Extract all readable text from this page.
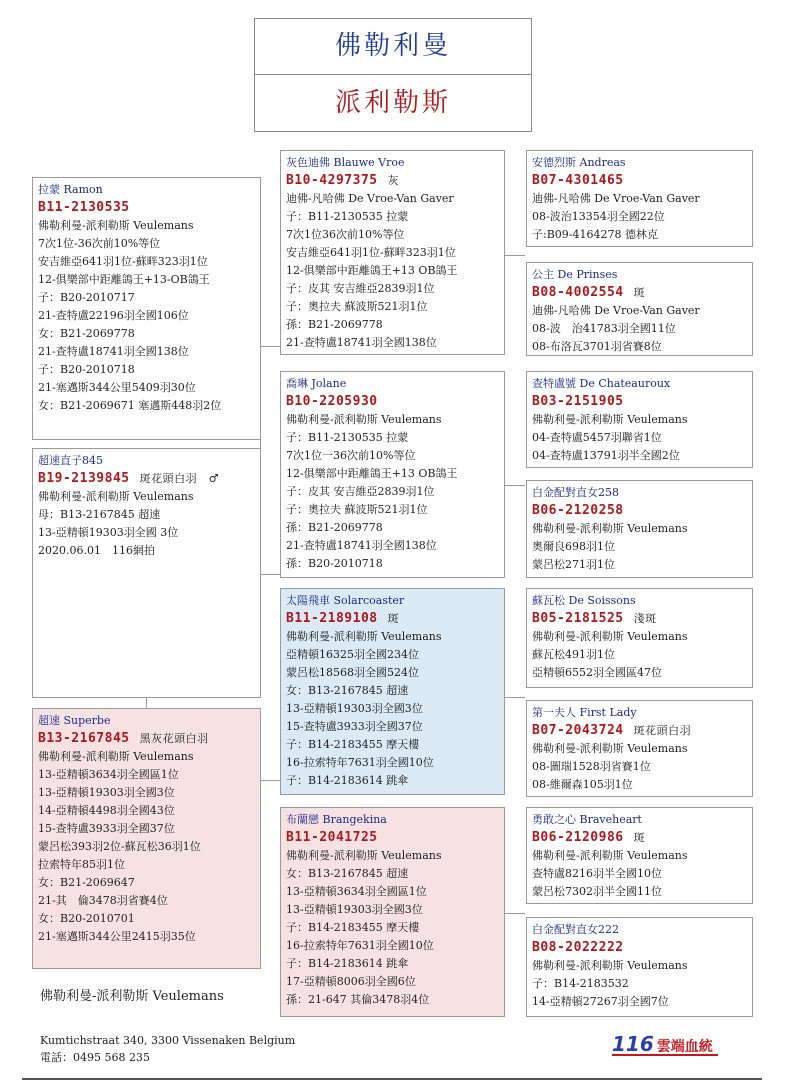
佛勒利曼
派利勒斯
拉蒙 Ramon
B11-2130535
佛勒利曼-派利勒斯 Veulemans
7次1位-36次前10%等位
安吉維亞641羽1位-蘇畔323羽1位
12-俱樂部中距離鴿王+13-OB鴿王
子：B20-2010717
21-查特盧22196羽全國106位
女：B21-2069778
21-查特盧18741羽全國138位
子：B20-2010718
21-塞邁斯344公里5409羽30位
女：B21-2069671 塞邁斯448羽2位
超速直子845
B19-2139845 斑花頭白羽　♂
佛勒利曼-派利勒斯 Veulemans
母：B13-2167845 超速
13-亞精頓19303羽全國 3位
2020.06.01　116網拍
超速 Superbe
B13-2167845 黑灰花頭白羽
佛勒利曼-派利勒斯 Veulemans
13-亞精頓3634羽全國區1位
13-亞精頓19303羽全國3位
14-亞精頓4498羽全國43位
15-查特盧3933羽全國37位
蒙呂松393羽2位-蘇瓦松36羽1位
拉索特年85羽1位
女：B21-2069647
21-其　倫3478羽省賽4位
女：B20-2010701
21-塞邁斯344公里2415羽35位
灰色迪佛 Blauwe Vroe
B10-4297375 灰
迪佛-凡哈佛 De Vroe-Van Gaver
子：B11-2130535 拉蒙
7次1位36次前10%等位
安吉維亞641羽1位-蘇畔323羽1位
12-俱樂部中距離鴿王+13 OB鴿王
子：皮其 安吉維亞2839羽1位
子：奧拉夫 蘇波斯521羽1位
孫：B21-2069778
21-查特盧18741羽全國138位
喬琳 Jolane
B10-2205930
佛勒利曼-派利勒斯 Veulemans
子：B11-2130535 拉蒙
7次1位一36次前10%等位
12-俱樂部中距離鴿王+13 OB鴿王
子：皮其 安吉維亞2839羽1位
子：奧拉夫 蘇波斯521羽1位
孫：B21-2069778
21-查特盧18741羽全國138位
孫：B20-2010718
太陽飛車 Solarcoaster
B11-2189108 斑
佛勒利曼-派利勒斯 Veulemans
亞精頓16325羽全國234位
蒙呂松18568羽全國524位
女：B13-2167845 超速
13-亞精頓19303羽全國3位
15-查特盧3933羽全國37位
子：B14-2183455 摩天樓
16-拉索特年7631羽全國10位
子：B14-2183614 跳傘
布蘭戀 Brangekina
B11-2041725
佛勒利曼-派利勒斯 Veulemans
女：B13-2167845 超速
13-亞精頓3634羽全國區1位
13-亞精頓19303羽全國3位
子：B14-2183455 摩天樓
16-拉索特年7631羽全國10位
子：B14-2183614 跳傘
17-亞精頓8006羽全國6位
孫：21-647 其倫3478羽4位
安德烈斯 Andreas
B07-4301465
迪佛-凡哈佛 De Vroe-Van Gaver
08-波治13354羽全國22位
子:B09-4164278 德林克
公主 De Prinses
B08-4002554 斑
迪佛-凡哈佛 De Vroe-Van Gaver
08-波　治41783羽全國11位
08-布洛瓦3701羽省賽8位
查特盧號 De Chateauroux
B03-2151905
佛勒利曼-派利勒斯 Veulemans
04-查特盧5457羽聯省1位
04-查特盧13791羽半全國2位
白金配對直女258
B06-2120258
佛勒利曼-派利勒斯 Veulemans
奧爾良698羽1位
蒙呂松271羽1位
蘇瓦松 De Soissons
B05-2181525 淺斑
佛勒利曼-派利勒斯 Veulemans
蘇瓦松491羽1位
亞精頓6552羽全國區47位
第一夫人 First Lady
B07-2043724 斑花頭白羽
佛勒利曼-派利勒斯 Veulemans
08-圖瑞1528羽省賽1位
08-維爾森105羽1位
勇敢之心 Braveheart
B06-2120986 斑
佛勒利曼-派利勒斯 Veulemans
查特盧8216羽半全國10位
蒙呂松7302羽半全國11位
白金配對直女222
B08-2022222
佛勒利曼-派利勒斯 Veulemans
子：B14-2183532
14-亞精頓27267羽全國7位
佛勒利曼-派利勒斯 Veulemans
Kumtichstraat 340, 3300 Vissenaken Belgium
電話：0495 568 235
116 雲端血統
